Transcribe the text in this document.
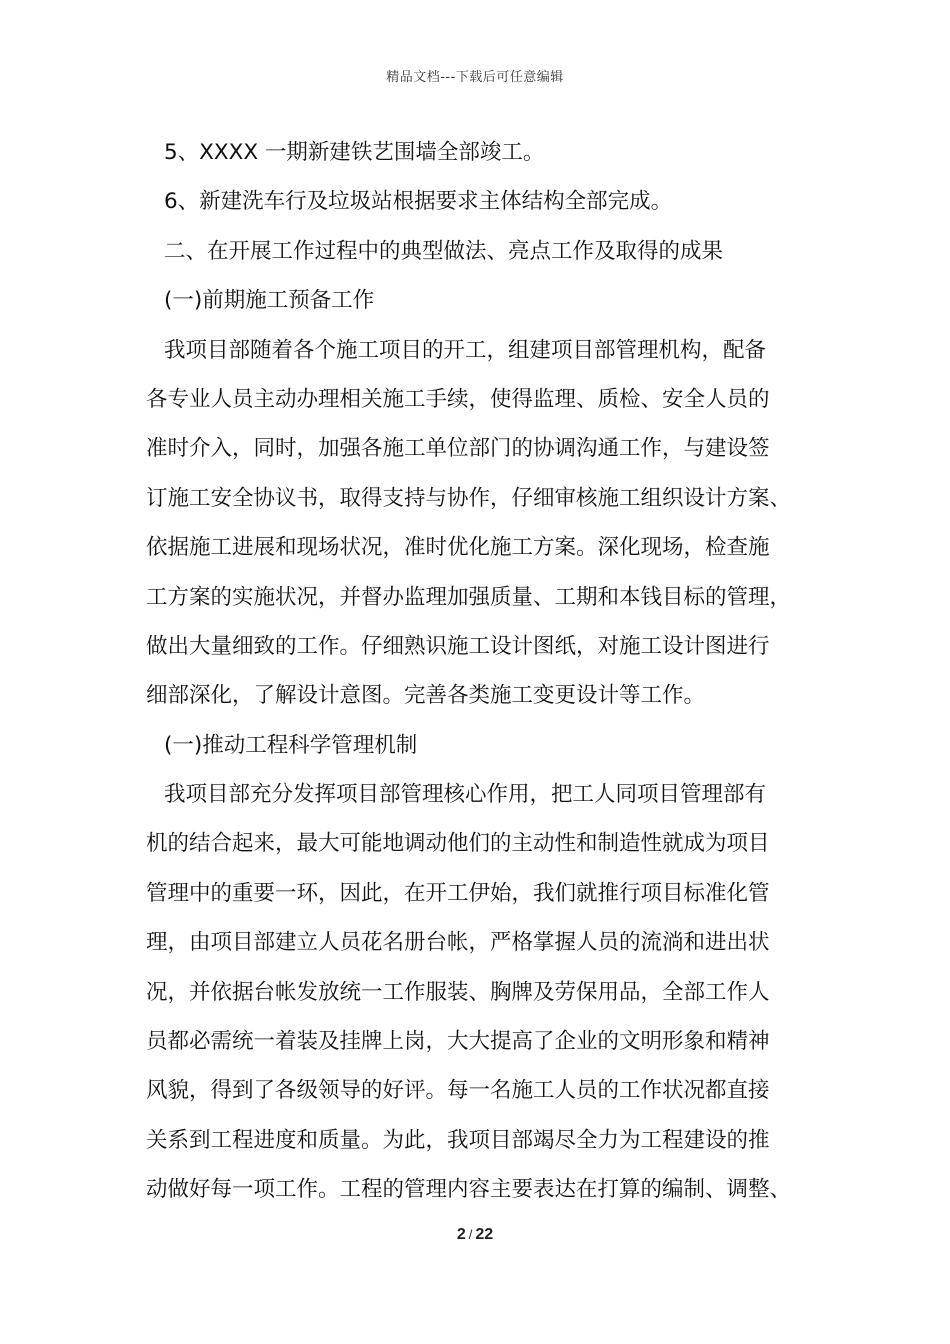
精品文档---下载后可任意编辑
5、XXXX 一期新建铁艺围墙全部竣工。
6、新建洗车行及垃圾站根据要求主体结构全部完成。
二、在开展工作过程中的典型做法、亮点工作及取得的成果
(一)前期施工预备工作
我项目部随着各个施工项目的开工，组建项目部管理机构，配备
各专业人员主动办理相关施工手续，使得监理、质检、安全人员的
准时介入，同时，加强各施工单位部门的协调沟通工作，与建设签
订施工安全协议书，取得支持与协作，仔细审核施工组织设计方案、
依据施工进展和现场状况，准时优化施工方案。深化现场，检查施
工方案的实施状况，并督办监理加强质量、工期和本钱目标的管理，
做出大量细致的工作。仔细熟识施工设计图纸，对施工设计图进行
细部深化，了解设计意图。完善各类施工变更设计等工作。
(一)推动工程科学管理机制
我项目部充分发挥项目部管理核心作用，把工人同项目管理部有
机的结合起来，最大可能地调动他们的主动性和制造性就成为项目
管理中的重要一环，因此，在开工伊始，我们就推行项目标准化管
理，由项目部建立人员花名册台帐，严格掌握人员的流淌和进出状
况，并依据台帐发放统一工作服装、胸牌及劳保用品，全部工作人
员都必需统一着装及挂牌上岗，大大提高了企业的文明形象和精神
风貌，得到了各级领导的好评。每一名施工人员的工作状况都直接
关系到工程进度和质量。为此，我项目部竭尽全力为工程建设的推
动做好每一项工作。工程的管理内容主要表达在打算的编制、调整、
2 / 22
